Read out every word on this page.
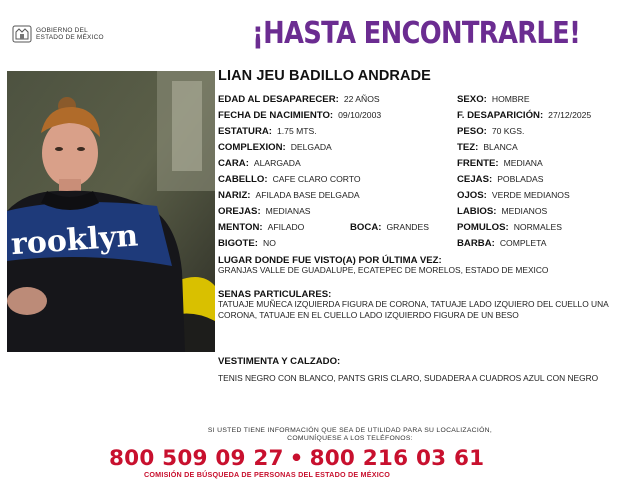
GOBIERNO DEL
ESTADO DE MÉXICO	¡HASTA ENCONTRARLE!
rooklyn
LIAN JEU BADILLO ANDRADE
EDAD AL DESAPARECER: 22 AÑOS
FECHA DE NACIMIENTO: 09/10/2003
ESTATURA: 1.75 MTS.
COMPLEXION: DELGADA
CARA: ALARGADA
CABELLO: CAFE CLARO CORTO
NARIZ: AFILADA BASE DELGADA
OREJAS: MEDIANAS
MENTON: AFILADO
BIGOTE: NO
SEXO: HOMBRE
F. DESAPARICIÓN: 27/12/2025
PESO: 70 KGS.
TEZ: BLANCA
FRENTE: MEDIANA
CEJAS: POBLADAS
OJOS: VERDE MEDIANOS
LABIOS: MEDIANOS
POMULOS: NORMALES
BARBA: COMPLETA
BOCA: GRANDES
LUGAR DONDE FUE VISTO(A) POR ÚLTIMA VEZ:
GRANJAS VALLE DE GUADALUPE, ECATEPEC DE MORELOS, ESTADO DE MEXICO
SENAS PARTICULARES:
TATUAJE MUÑECA IZQUIERDA FIGURA DE CORONA, TATUAJE LADO IZQUIERO DEL CUELLO UNA CORONA, TATUAJE EN EL CUELLO LADO IZQUIERDO FIGURA DE UN BESO
VESTIMENTA Y CALZADO:
TENIS NEGRO CON BLANCO, PANTS GRIS CLARO, SUDADERA A CUADROS AZUL CON NEGRO
SI USTED TIENE INFORMACIÓN QUE SEA DE UTILIDAD PARA SU LOCALIZACIÓN,
COMUNÍQUESE A LOS TELÉFONOS:
800 509 09 27 • 800 216 03 61
COMISIÓN DE BÚSQUEDA DE PERSONAS DEL ESTADO DE MÉXICO
